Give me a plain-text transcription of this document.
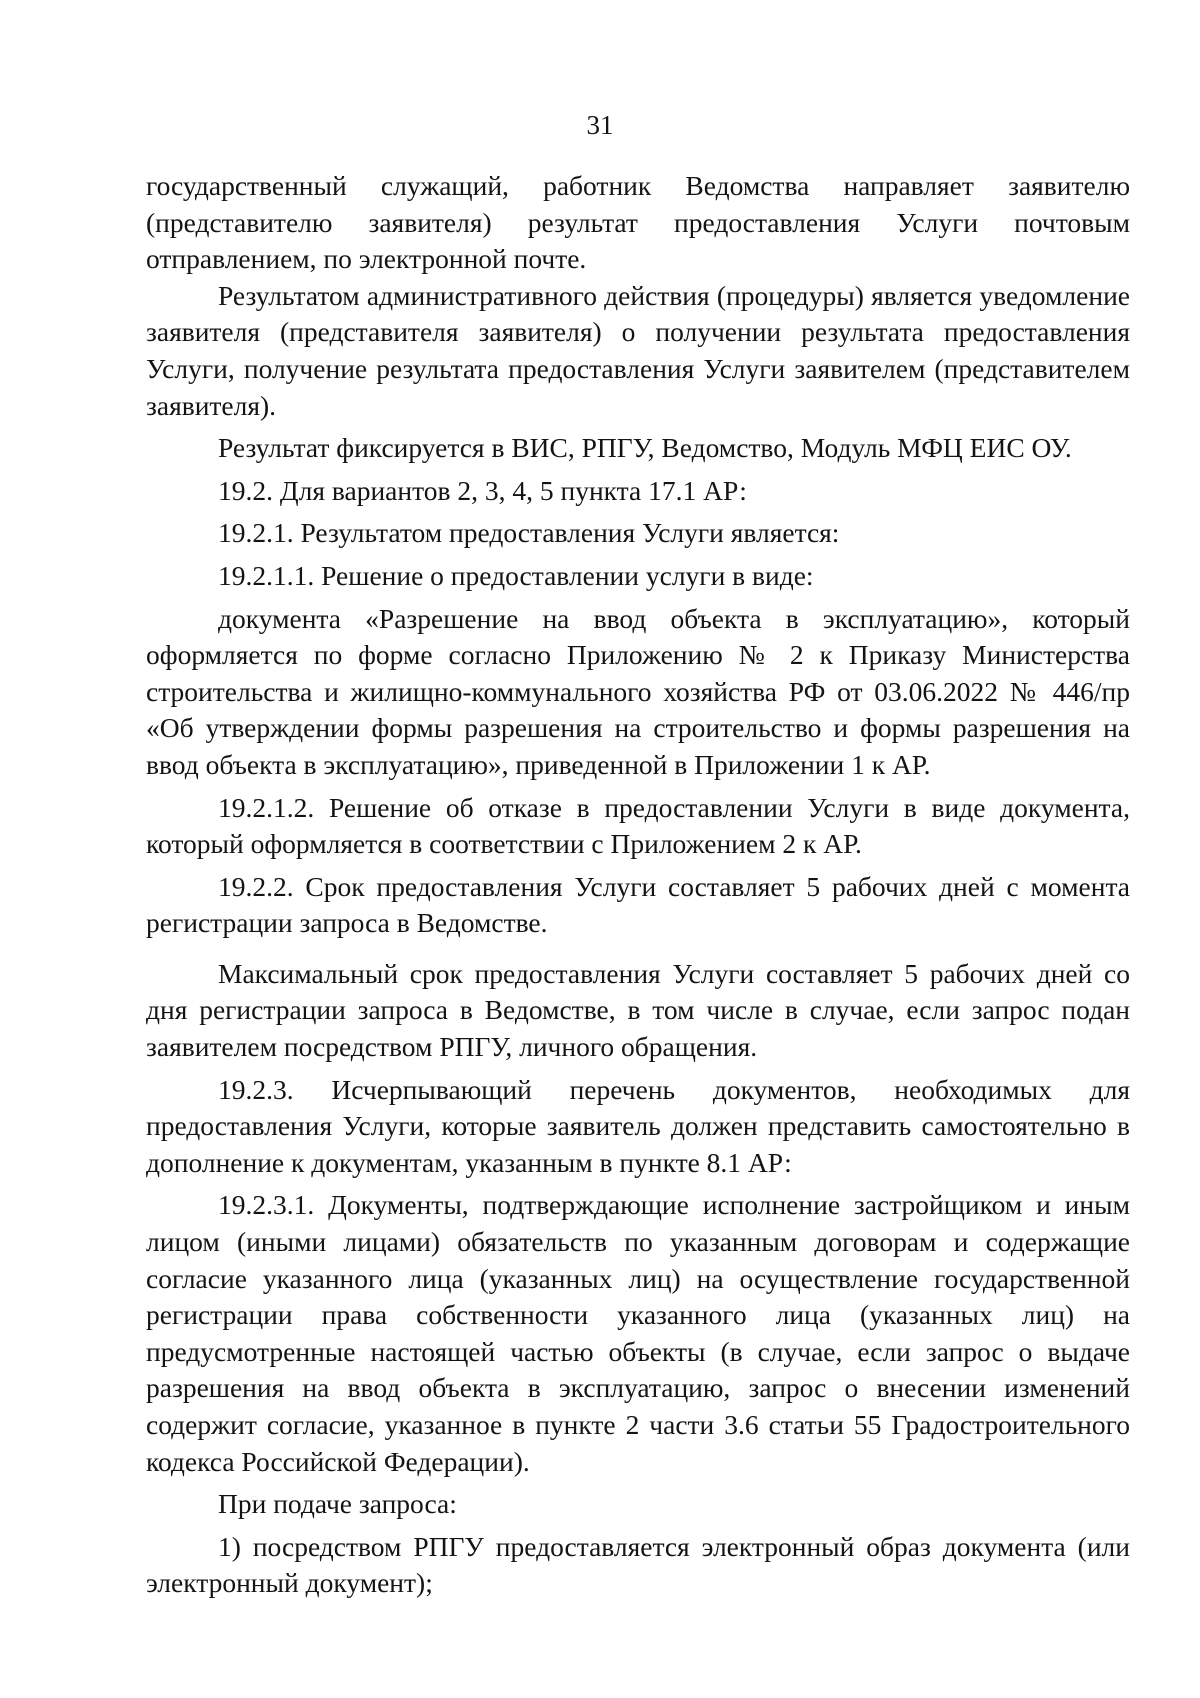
31

государственный служащий, работник Ведомства направляет заявителю (представителю заявителя) результат предоставления Услуги почтовым отправлением, по электронной почте.

Результатом административного действия (процедуры) является уведомление заявителя (представителя заявителя) о получении результата предоставления Услуги, получение результата предоставления Услуги заявителем (представителем заявителя).

Результат фиксируется в ВИС, РПГУ, Ведомство, Модуль МФЦ ЕИС ОУ.

19.2. Для вариантов 2, 3, 4, 5 пункта 17.1 АР:

19.2.1. Результатом предоставления Услуги является:

19.2.1.1. Решение о предоставлении услуги в виде:

документа «Разрешение на ввод объекта в эксплуатацию», который оформляется по форме согласно Приложению № 2 к Приказу Министерства строительства и жилищно-коммунального хозяйства РФ от 03.06.2022 № 446/пр «Об утверждении формы разрешения на строительство и формы разрешения на ввод объекта в эксплуатацию», приведенной в Приложении 1 к АР.

19.2.1.2. Решение об отказе в предоставлении Услуги в виде документа, который оформляется в соответствии с Приложением 2 к АР.

19.2.2. Срок предоставления Услуги составляет 5 рабочих дней с момента регистрации запроса в Ведомстве.

Максимальный срок предоставления Услуги составляет 5 рабочих дней со дня регистрации запроса в Ведомстве, в том числе в случае, если запрос подан заявителем посредством РПГУ, личного обращения.

19.2.3. Исчерпывающий перечень документов, необходимых для предоставления Услуги, которые заявитель должен представить самостоятельно в дополнение к документам, указанным в пункте 8.1 АР:

19.2.3.1. Документы, подтверждающие исполнение застройщиком и иным лицом (иными лицами) обязательств по указанным договорам и содержащие согласие указанного лица (указанных лиц) на осуществление государственной регистрации права собственности указанного лица (указанных лиц) на предусмотренные настоящей частью объекты (в случае, если запрос о выдаче разрешения на ввод объекта в эксплуатацию, запрос о внесении изменений содержит согласие, указанное в пункте 2 части 3.6 статьи 55 Градостроительного кодекса Российской Федерации).

При подаче запроса:

1) посредством РПГУ предоставляется электронный образ документа (или электронный документ);
